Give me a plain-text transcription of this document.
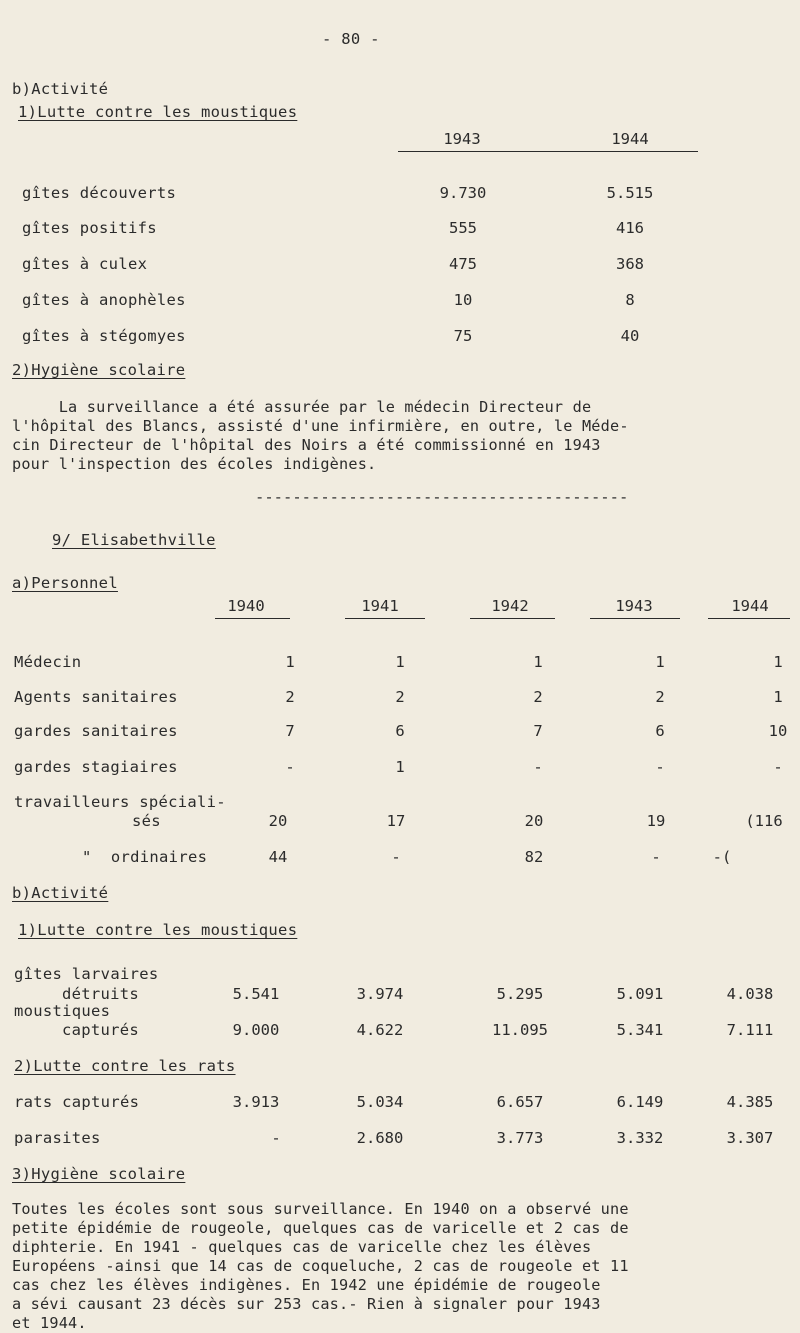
- 80 -
b)Activité
1)Lutte contre les moustiques
1943	1944
gîtes découverts	9.730	5.515
gîtes positifs	555	416
gîtes à culex	475	368
gîtes à anophèles	10	8
gîtes à stégomyes	75	40
2)Hygiène scolaire
La surveillance a été assurée par le médecin Directeur de
l'hôpital des Blancs, assisté d'une infirmière, en outre, le Méde-
cin Directeur de l'hôpital des Noirs a été commissionné en 1943
pour l'inspection des écoles indigènes.
----------------------------------------
9/ Elisabethville
a)Personnel
1940	1941	1942	1943	1944
Médecin	1	1	1	1	1
Agents sanitaires	2	2	2	2	1
gardes sanitaires	7	6	7	6	10
gardes stagiaires	-	1	-	-	-
travailleurs spéciali-
sés	20	17	20	19	(116
"  ordinaires	44	-	82	-	-(
b)Activité
1)Lutte contre les moustiques
gîtes larvaires
détruits	5.541	3.974	5.295	5.091	4.038
moustiques
capturés	9.000	4.622	11.095	5.341	7.111
2)Lutte contre les rats
rats capturés	3.913	5.034	6.657	6.149	4.385
parasites	-	2.680	3.773	3.332	3.307
3)Hygiène scolaire
Toutes les écoles sont sous surveillance. En 1940 on a observé une
petite épidémie de rougeole, quelques cas de varicelle et 2 cas de
diphterie. En 1941 - quelques cas de varicelle chez les élèves
Européens -ainsi que 14 cas de coqueluche, 2 cas de rougeole et 11
cas chez les élèves indigènes. En 1942 une épidémie de rougeole
a sévi causant 23 décès sur 253 cas.- Rien à signaler pour 1943
et 1944.
